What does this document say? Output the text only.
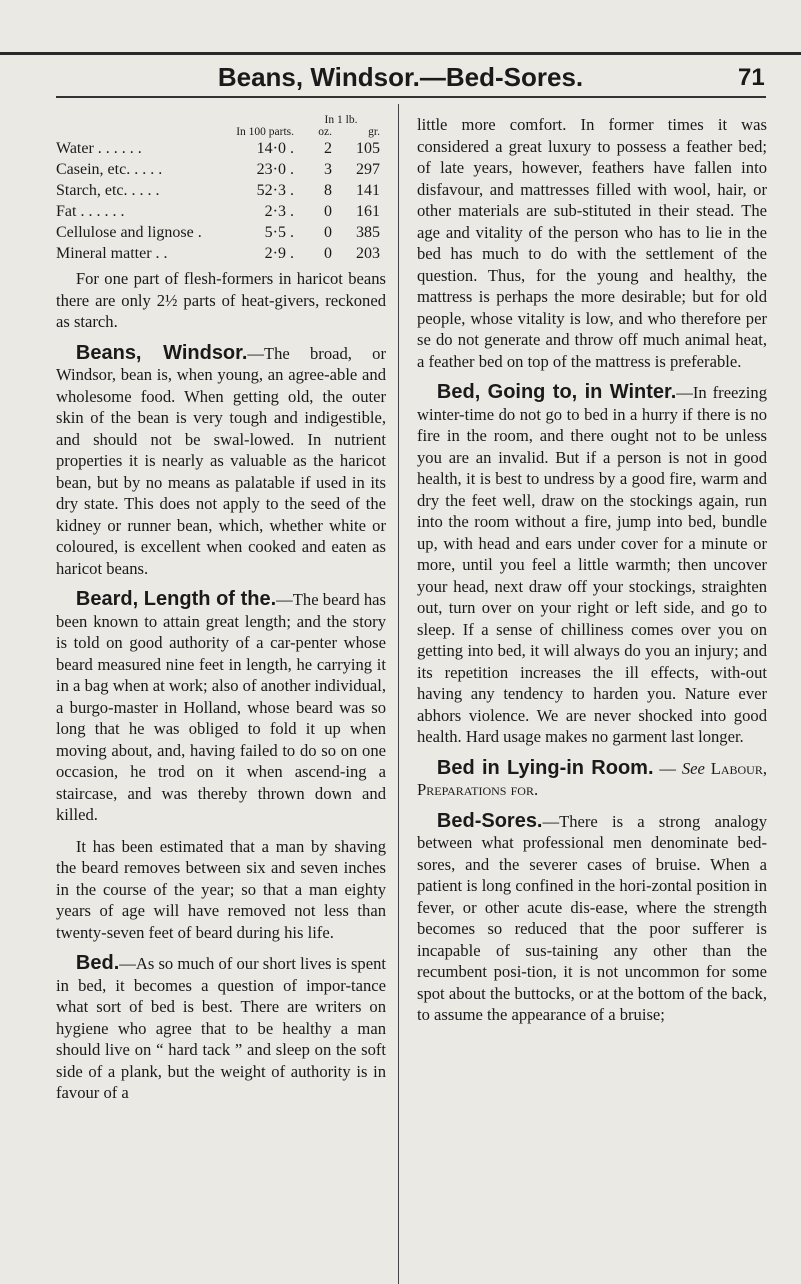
Beans, Windsor.—Bed-Sores.	71
		In 1 lb.	
	In 100 parts.	oz.	gr.
Water . . . . . .	14·0 .	2	105
Casein, etc. . . . .	23·0 .	3	297
Starch, etc. . . . .	52·3 .	8	141
Fat . . . . . .	2·3 .	0	161
Cellulose and lignose .	5·5 .	0	385
Mineral matter . .	2·9 .	0	203

For one part of flesh-formers in haricot beans there are only 2½ parts of heat-givers, reckoned as starch.

Beans, Windsor.—The broad, or Windsor, bean is, when young, an agree-able and wholesome food. When getting old, the outer skin of the bean is very tough and indigestible, and should not be swal-lowed. In nutrient properties it is nearly as valuable as the haricot bean, but by no means as palatable if used in its dry state. This does not apply to the seed of the kidney or runner bean, which, whether white or coloured, is excellent when cooked and eaten as haricot beans.

Beard, Length of the.—The beard has been known to attain great length; and the story is told on good authority of a car-penter whose beard measured nine feet in length, he carrying it in a bag when at work; also of another individual, a burgo-master in Holland, whose beard was so long that he was obliged to fold it up when moving about, and, having failed to do so on one occasion, he trod on it when ascend-ing a staircase, and was thereby thrown down and killed.

It has been estimated that a man by shaving the beard removes between six and seven inches in the course of the year; so that a man eighty years of age will have removed not less than twenty-seven feet of beard during his life.

Bed.—As so much of our short lives is spent in bed, it becomes a question of impor-tance what sort of bed is best. There are writers on hygiene who agree that to be healthy a man should live on “ hard tack ” and sleep on the soft side of a plank, but the weight of authority is in favour of a

little more comfort. In former times it was considered a great luxury to possess a feather bed; of late years, however, feathers have fallen into disfavour, and mattresses filled with wool, hair, or other materials are sub-stituted in their stead. The age and vitality of the person who has to lie in the bed has much to do with the settlement of the question. Thus, for the young and healthy, the mattress is perhaps the more desirable; but for old people, whose vitality is low, and who therefore per se do not generate and throw off much animal heat, a feather bed on top of the mattress is preferable.

Bed, Going to, in Winter.—In freezing winter-time do not go to bed in a hurry if there is no fire in the room, and there ought not to be unless you are an invalid. But if a person is not in good health, it is best to undress by a good fire, warm and dry the feet well, draw on the stockings again, run into the room without a fire, jump into bed, bundle up, with head and ears under cover for a minute or more, until you feel a little warmth; then uncover your head, next draw off your stockings, straighten out, turn over on your right or left side, and go to sleep. If a sense of chilliness comes over you on getting into bed, it will always do you an injury; and its repetition increases the ill effects, with-out having any tendency to harden you. Nature ever abhors violence. We are never shocked into good health. Hard usage makes no garment last longer.

Bed in Lying-in Room. — See Labour, Preparations for.

Bed-Sores.—There is a strong analogy between what professional men denominate bed-sores, and the severer cases of bruise. When a patient is long confined in the hori-zontal position in fever, or other acute dis-ease, where the strength becomes so reduced that the poor sufferer is incapable of sus-taining any other than the recumbent posi-tion, it is not uncommon for some spot about the buttocks, or at the bottom of the back, to assume the appearance of a bruise;
